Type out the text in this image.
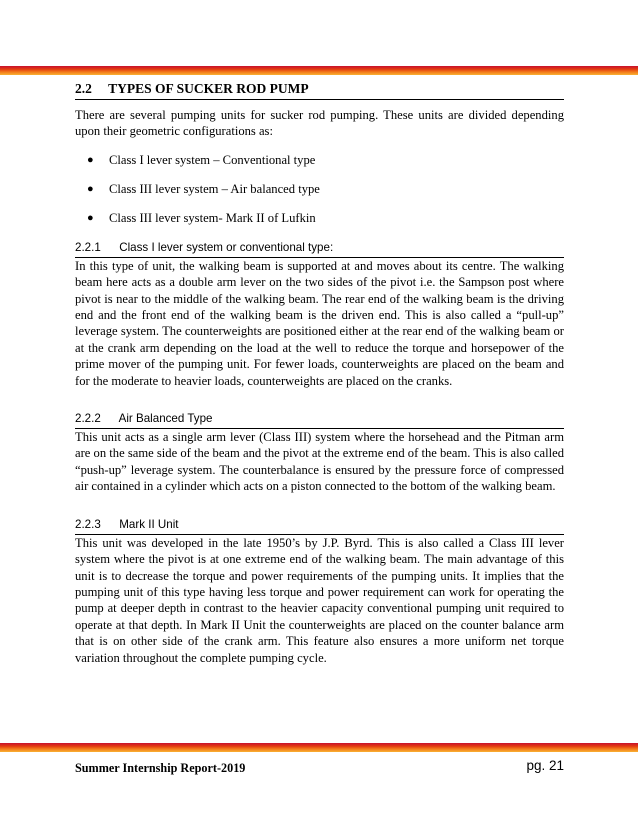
2.2 TYPES OF SUCKER ROD PUMP

There are several pumping units for sucker rod pumping. These units are divided depending upon their geometric configurations as:

●	Class I lever system – Conventional type
●	Class III lever system – Air balanced type
●	Class III lever system- Mark II of Lufkin
2.2.1 Class I lever system or conventional type:

In this type of unit, the walking beam is supported at and moves about its centre. The walking beam here acts as a double arm lever on the two sides of the pivot i.e. the Sampson post where pivot is near to the middle of the walking beam. The rear end of the walking beam is the driving end and the front end of the walking beam is the driven end. This is also called a “pull-up” leverage system. The counterweights are positioned either at the rear end of the walking beam or at the crank arm depending on the load at the well to reduce the torque and horsepower of the prime mover of the pumping unit. For fewer loads, counterweights are placed on the beam and for the moderate to heavier loads, counterweights are placed on the cranks.

2.2.2 Air Balanced Type

This unit acts as a single arm lever (Class III) system where the horsehead and the Pitman arm are on the same side of the beam and the pivot at the extreme end of the beam. This is also called “push-up” leverage system. The counterbalance is ensured by the pressure force of compressed air contained in a cylinder which acts on a piston connected to the bottom of the walking beam.

2.2.3 Mark II Unit

This unit was developed in the late 1950’s by J.P. Byrd. This is also called a Class III lever system where the pivot is at one extreme end of the walking beam. The main advantage of this unit is to decrease the torque and power requirements of the pumping units. It implies that the pumping unit of this type having less torque and power requirement can work for operating the pump at deeper depth in contrast to the heavier capacity conventional pumping unit required to operate at that depth. In Mark II Unit the counterweights are placed on the counter balance arm that is on other side of the crank arm. This feature also ensures a more uniform net torque variation throughout the complete pumping cycle.

Summer Internship Report-2019	pg. 21
